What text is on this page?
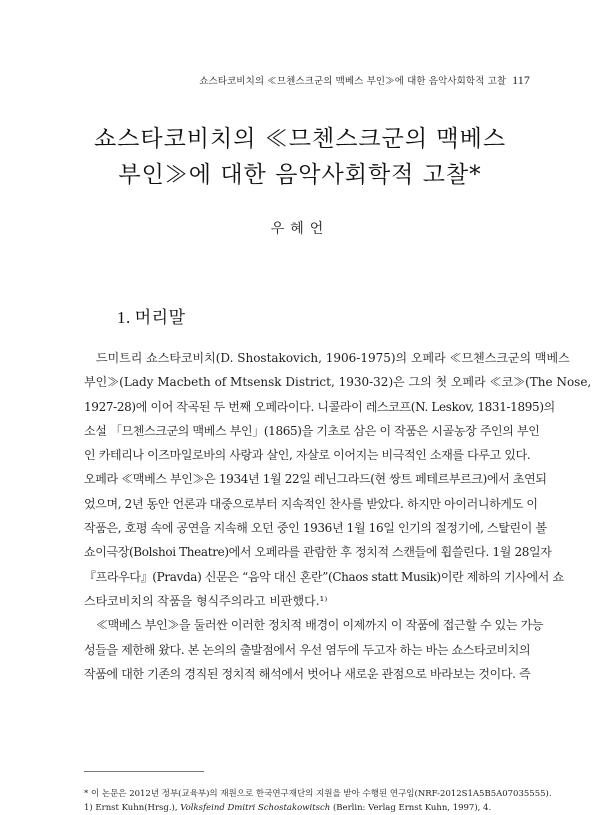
쇼스타코비치의 ≪므첸스크군의 맥베스 부인≫에 대한 음악사회학적 고찰 117
쇼스타코비치의 ≪므첸스크군의 맥베스
부인≫에 대한 음악사회학적 고찰*
우혜언
1. 머리말
드미트리 쇼스타코비치(D. Shostakovich, 1906-1975)의 오페라 ≪므첸스크군의 맥베스
부인≫(Lady Macbeth of Mtsensk District, 1930-32)은 그의 첫 오페라 ≪코≫(The Nose,
1927-28)에 이어 작곡된 두 번째 오페라이다. 니콜라이 레스코프(N. Leskov, 1831-1895)의
소설 「므첸스크군의 맥베스 부인」(1865)을 기초로 삼은 이 작품은 시골농장 주인의 부인
인 카테리나 이즈마일로바의 사랑과 살인, 자살로 이어지는 비극적인 소재를 다루고 있다.
오페라 ≪맥베스 부인≫은 1934년 1월 22일 레닌그라드(현 쌍트 페테르부르크)에서 초연되
었으며, 2년 동안 언론과 대중으로부터 지속적인 찬사를 받았다. 하지만 아이러니하게도 이
작품은, 호평 속에 공연을 지속해 오던 중인 1936년 1월 16일 인기의 절정기에, 스탈린이 볼
쇼이극장(Bolshoi Theatre)에서 오페라를 관람한 후 정치적 스캔들에 휩쓸린다. 1월 28일자
『프라우다』(Pravda) 신문은 “음악 대신 혼란”(Chaos statt Musik)이란 제하의 기사에서 쇼
스타코비치의 작품을 형식주의라고 비판했다.¹⁾
≪맥베스 부인≫을 둘러싼 이러한 정치적 배경이 이제까지 이 작품에 접근할 수 있는 가능
성들을 제한해 왔다. 본 논의의 출발점에서 우선 염두에 두고자 하는 바는 쇼스타코비치의
작품에 대한 기존의 경직된 정치적 해석에서 벗어나 새로운 관점으로 바라보는 것이다. 즉
* 이 논문은 2012년 정부(교육부)의 재원으로 한국연구재단의 지원을 받아 수행된 연구임(NRF-2012S1A5B5A07035555).
1) Ernst Kuhn(Hrsg.), Volksfeind Dmitri Schostakowitsch (Berlin: Verlag Ernst Kuhn, 1997), 4.
